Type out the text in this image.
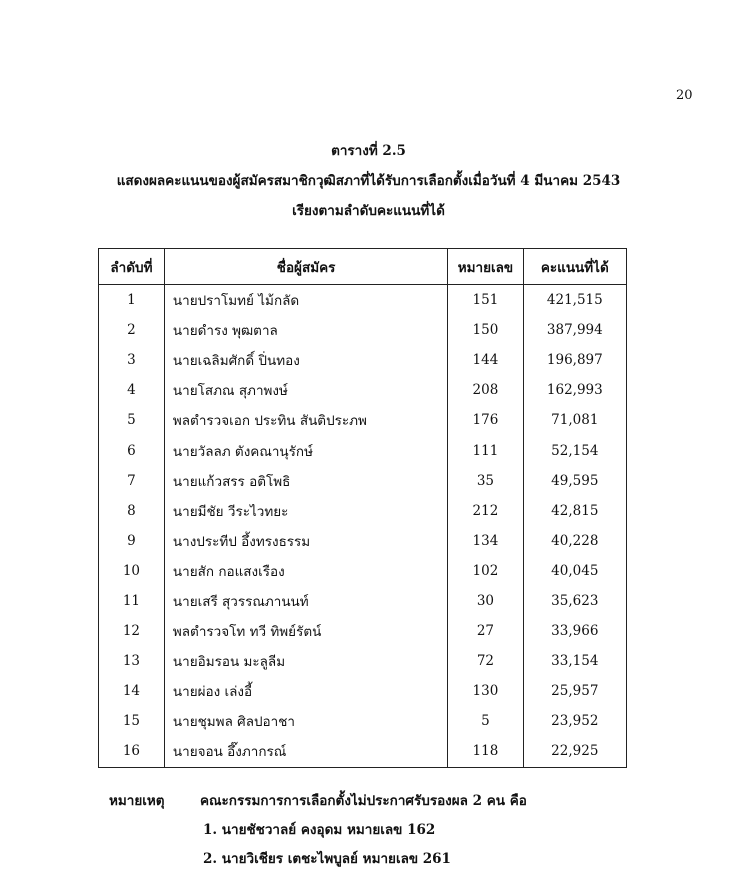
20
ตารางที่ 2.5
แสดงผลคะแนนของผู้สมัครสมาชิกวุฒิสภาที่ได้รับการเลือกตั้งเมื่อวันที่ 4 มีนาคม 2543
เรียงตามลำดับคะแนนที่ได้
ลำดับที่	ชื่อผู้สมัคร	หมายเลข	คะแนนที่ได้
1	นายปราโมทย์ ไม้กลัด	151	421,515
2	นายดำรง พุฒตาล	150	387,994
3	นายเฉลิมศักดิ์ ปิ่นทอง	144	196,897
4	นายโสภณ สุภาพงษ์	208	162,993
5	พลตำรวจเอก ประทิน สันติประภพ	176	71,081
6	นายวัลลภ ตังคณานุรักษ์	111	52,154
7	นายแก้วสรร อติโพธิ	35	49,595
8	นายมีชัย วีระไวทยะ	212	42,815
9	นางประทีป อึ้งทรงธรรม	134	40,228
10	นายสัก กอแสงเรือง	102	40,045
11	นายเสรี สุวรรณภานนท์	30	35,623
12	พลตำรวจโท ทวี ทิพย์รัตน์	27	33,966
13	นายอิมรอน มะลูลีม	72	33,154
14	นายผ่อง เล่งอี้	130	25,957
15	นายชุมพล ศิลปอาชา	5	23,952
16	นายจอน อึ๊งภากรณ์	118	22,925
หมายเหตุ	คณะกรรมการการเลือกตั้งไม่ประกาศรับรองผล 2 คน คือ
1. นายชัชวาลย์ คงอุดม หมายเลข 162
2. นายวิเชียร เตชะไพบูลย์ หมายเลข 261
